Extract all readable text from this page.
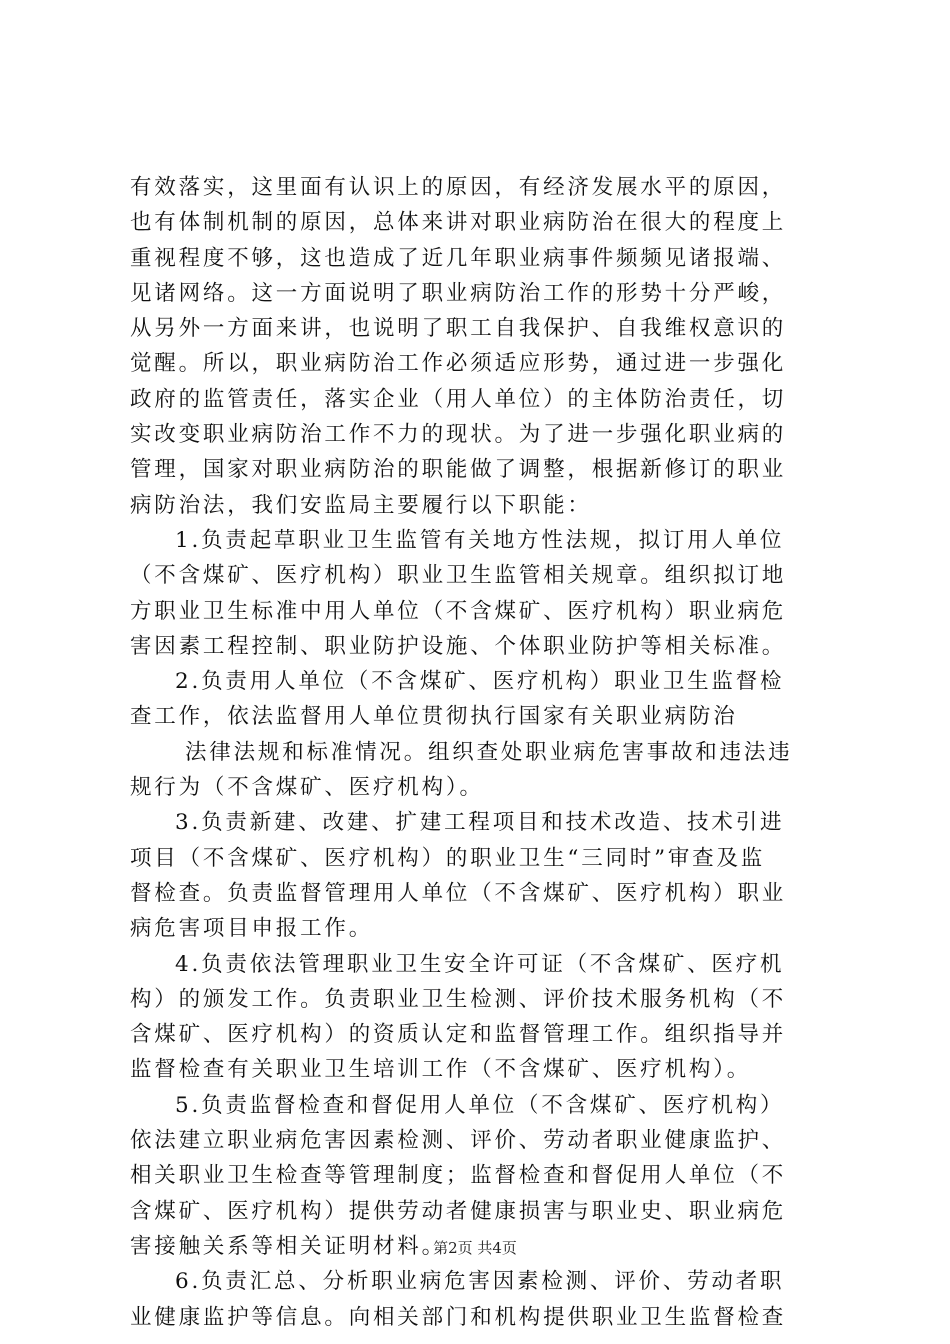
有效落实，这里面有认识上的原因，有经济发展水平的原因，
也有体制机制的原因，总体来讲对职业病防治在很大的程度上
重视程度不够，这也造成了近几年职业病事件频频见诸报端、
见诸网络。这一方面说明了职业病防治工作的形势十分严峻，
从另外一方面来讲，也说明了职工自我保护、自我维权意识的
觉醒。所以，职业病防治工作必须适应形势，通过进一步强化
政府的监管责任，落实企业（用人单位）的主体防治责任，切
实改变职业病防治工作不力的现状。为了进一步强化职业病的
管理，国家对职业病防治的职能做了调整，根据新修订的职业
病防治法，我们安监局主要履行以下职能：
1.负责起草职业卫生监管有关地方性法规，拟订用人单位
（不含煤矿、医疗机构）职业卫生监管相关规章。组织拟订地
方职业卫生标准中用人单位（不含煤矿、医疗机构）职业病危
害因素工程控制、职业防护设施、个体职业防护等相关标准。
2.负责用人单位（不含煤矿、医疗机构）职业卫生监督检
查工作，依法监督用人单位贯彻执行国家有关职业病防治
法律法规和标准情况。组织查处职业病危害事故和违法违
规行为（不含煤矿、医疗机构）。
3.负责新建、改建、扩建工程项目和技术改造、技术引进
项目（不含煤矿、医疗机构）的职业卫生“三同时”审查及监
督检查。负责监督管理用人单位（不含煤矿、医疗机构）职业
病危害项目申报工作。
4.负责依法管理职业卫生安全许可证（不含煤矿、医疗机
构）的颁发工作。负责职业卫生检测、评价技术服务机构（不
含煤矿、医疗机构）的资质认定和监督管理工作。组织指导并
监督检查有关职业卫生培训工作（不含煤矿、医疗机构）。
5.负责监督检查和督促用人单位（不含煤矿、医疗机构）
依法建立职业病危害因素检测、评价、劳动者职业健康监护、
相关职业卫生检查等管理制度；监督检查和督促用人单位（不
含煤矿、医疗机构）提供劳动者健康损害与职业史、职业病危
害接触关系等相关证明材料。
6.负责汇总、分析职业病危害因素检测、评价、劳动者职
业健康监护等信息。向相关部门和机构提供职业卫生监督检查
第2页 共4页
